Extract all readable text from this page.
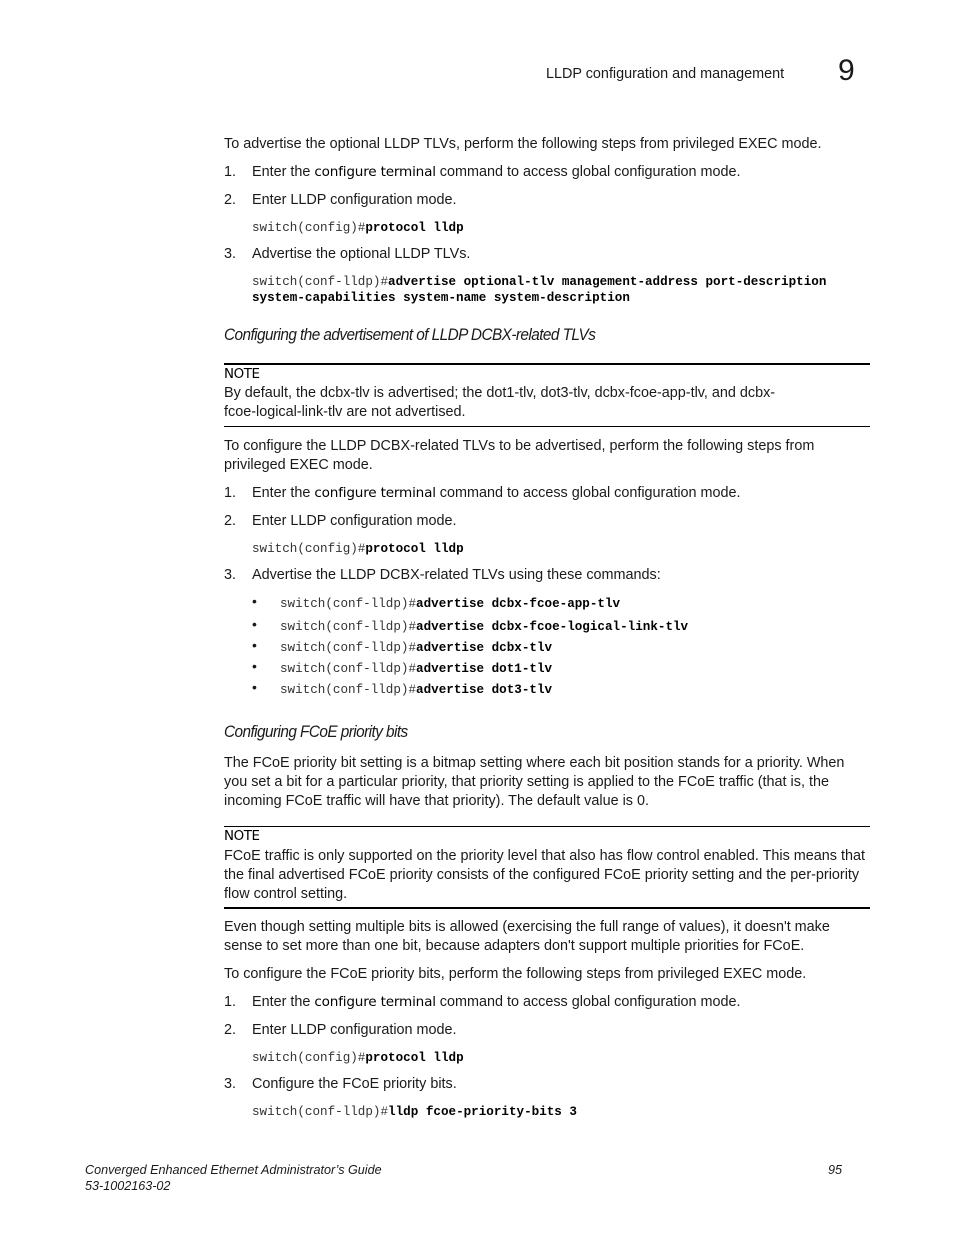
LLDP configuration and management 9
To advertise the optional LLDP TLVs, perform the following steps from privileged EXEC mode.
1. Enter the configure terminal command to access global configuration mode.
2. Enter LLDP configuration mode.
switch(config)#protocol lldp
3. Advertise the optional LLDP TLVs.
switch(conf-lldp)#advertise optional-tlv management-address port-description
system-capabilities system-name system-description
Configuring the advertisement of LLDP DCBX-related TLVs
NOTE
By default, the dcbx-tlv is advertised; the dot1-tlv, dot3-tlv, dcbx-fcoe-app-tlv, and dcbx-fcoe-logical-link-tlv are not advertised.
To configure the LLDP DCBX-related TLVs to be advertised, perform the following steps from privileged EXEC mode.
1. Enter the configure terminal command to access global configuration mode.
2. Enter LLDP configuration mode.
switch(config)#protocol lldp
3. Advertise the LLDP DCBX-related TLVs using these commands:
• switch(conf-lldp)#advertise dcbx-fcoe-app-tlv
• switch(conf-lldp)#advertise dcbx-fcoe-logical-link-tlv
• switch(conf-lldp)#advertise dcbx-tlv
• switch(conf-lldp)#advertise dot1-tlv
• switch(conf-lldp)#advertise dot3-tlv
Configuring FCoE priority bits
The FCoE priority bit setting is a bitmap setting where each bit position stands for a priority. When you set a bit for a particular priority, that priority setting is applied to the FCoE traffic (that is, the incoming FCoE traffic will have that priority). The default value is 0.
NOTE
FCoE traffic is only supported on the priority level that also has flow control enabled. This means that the final advertised FCoE priority consists of the configured FCoE priority setting and the per-priority flow control setting.
Even though setting multiple bits is allowed (exercising the full range of values), it doesn't make sense to set more than one bit, because adapters don't support multiple priorities for FCoE.
To configure the FCoE priority bits, perform the following steps from privileged EXEC mode.
1. Enter the configure terminal command to access global configuration mode.
2. Enter LLDP configuration mode.
switch(config)#protocol lldp
3. Configure the FCoE priority bits.
switch(conf-lldp)#lldp fcoe-priority-bits 3
Converged Enhanced Ethernet Administrator’s Guide
53-1002163-02
95
